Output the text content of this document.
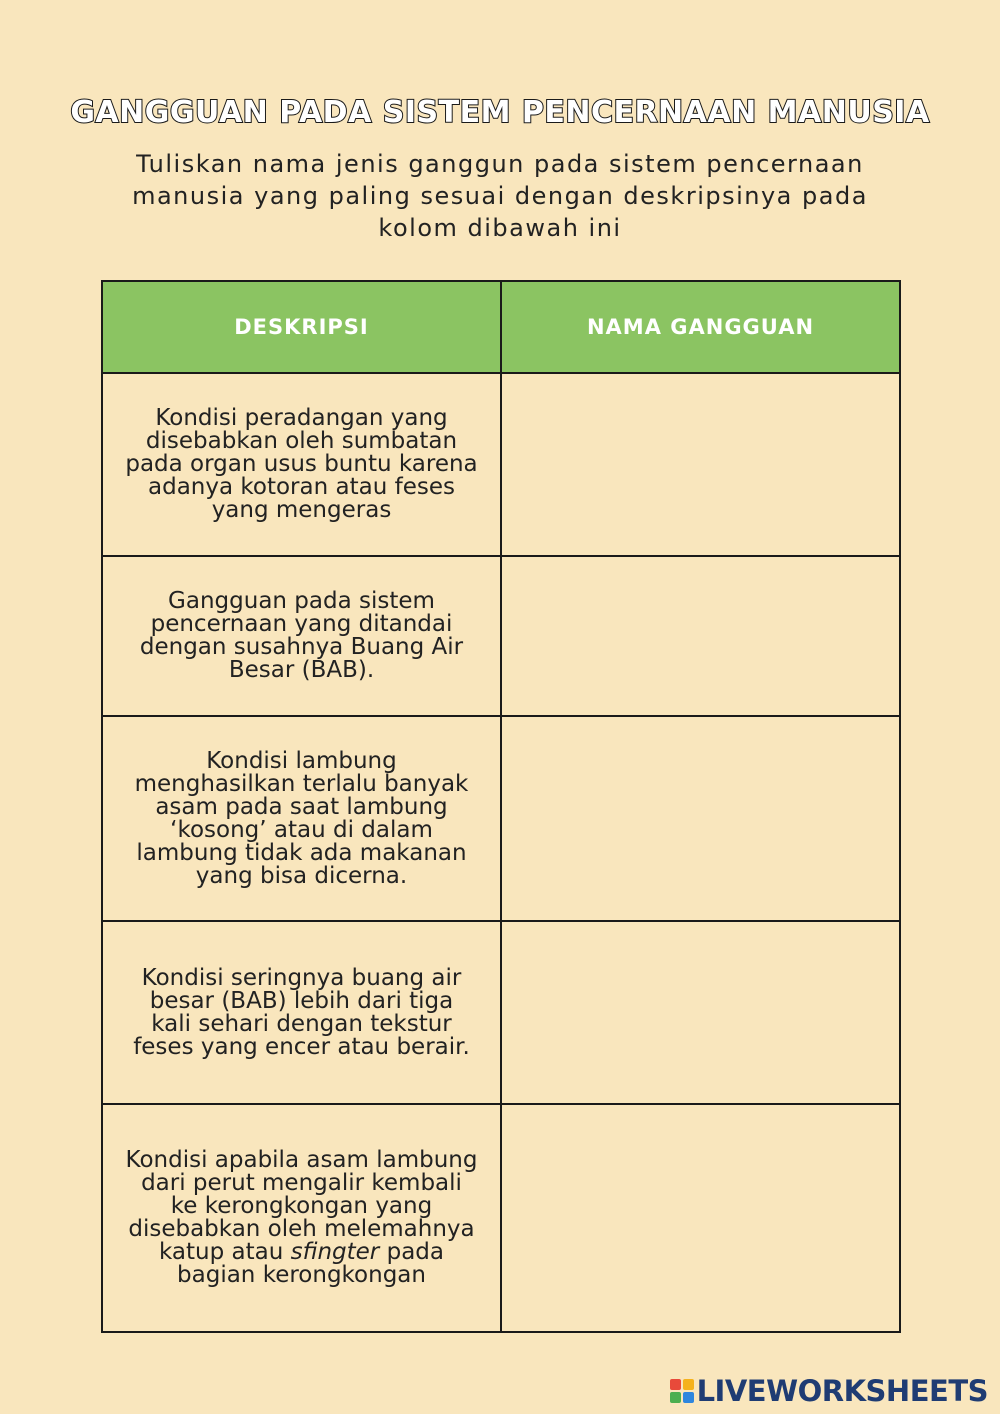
GANGGUAN PADA SISTEM PENCERNAAN MANUSIA
Tuliskan nama jenis ganggun pada sistem pencernaan manusia yang paling sesuai dengan deskripsinya pada kolom dibawah ini
DESKRIPSI	NAMA GANGGUAN
Kondisi peradangan yang disebabkan oleh sumbatan pada organ usus buntu karena adanya kotoran atau feses yang mengeras	
Gangguan pada sistem pencernaan yang ditandai dengan susahnya Buang Air Besar (BAB).	
Kondisi lambung menghasilkan terlalu banyak asam pada saat lambung ‘kosong’ atau di dalam lambung tidak ada makanan yang bisa dicerna.	
Kondisi seringnya buang air besar (BAB) lebih dari tiga kali sehari dengan tekstur feses yang encer atau berair.	
Kondisi apabila asam lambung dari perut mengalir kembali ke kerongkongan yang disebabkan oleh melemahnya katup atau sfingter pada bagian kerongkongan	
LIVEWORKSHEETS
